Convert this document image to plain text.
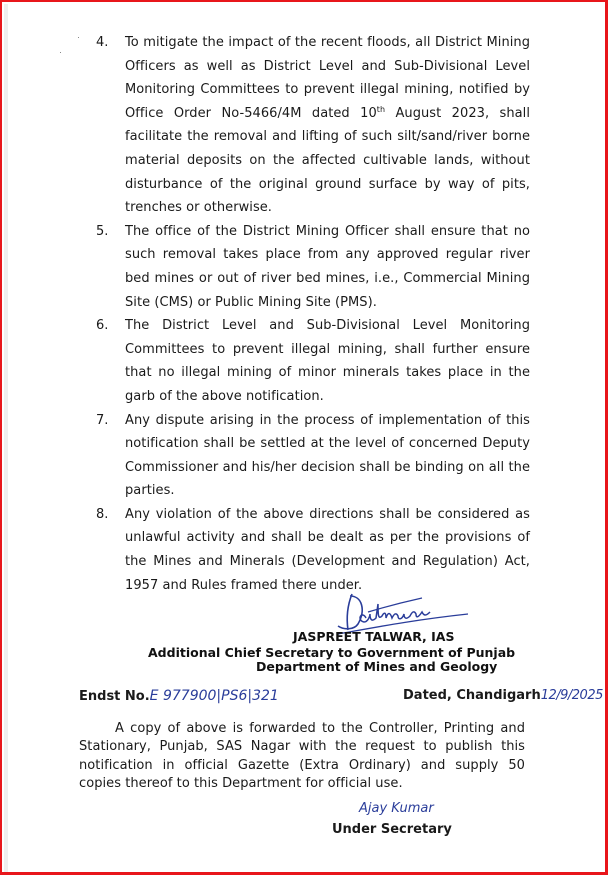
4.	To mitigate the impact of the recent floods, all District Mining Officers as well as District Level and Sub-Divisional Level Monitoring Committees to prevent illegal mining, notified by Office Order No-5466/4M dated 10th August 2023, shall facilitate the removal and lifting of such silt/sand/river borne material deposits on the affected cultivable lands, without disturbance of the original ground surface by way of pits, trenches or otherwise.
5.	The office of the District Mining Officer shall ensure that no such removal takes place from any approved regular river bed mines or out of river bed mines, i.e., Commercial Mining Site (CMS) or Public Mining Site (PMS).
6.	The District Level and Sub-Divisional Level Monitoring Committees to prevent illegal mining, shall further ensure that no illegal mining of minor minerals takes place in the garb of the above notification.
7.	Any dispute arising in the process of implementation of this notification shall be settled at the level of concerned Deputy Commissioner and his/her decision shall be binding on all the parties.
8.	Any violation of the above directions shall be considered as unlawful activity and shall be dealt as per the provisions of the Mines and Minerals (Development and Regulation) Act, 1957 and Rules framed there under.
JASPREET TALWAR, IAS
Additional Chief Secretary to Government of Punjab
Department of Mines and Geology
Endst No.E 977900|PS6|321	Dated, Chandigarh12/9/2025
A copy of above is forwarded to the Controller, Printing and Stationary, Punjab, SAS Nagar with the request to publish this notification in official Gazette (Extra Ordinary) and supply 50 copies thereof to this Department for official use.
Ajay Kumar
Under Secretary
